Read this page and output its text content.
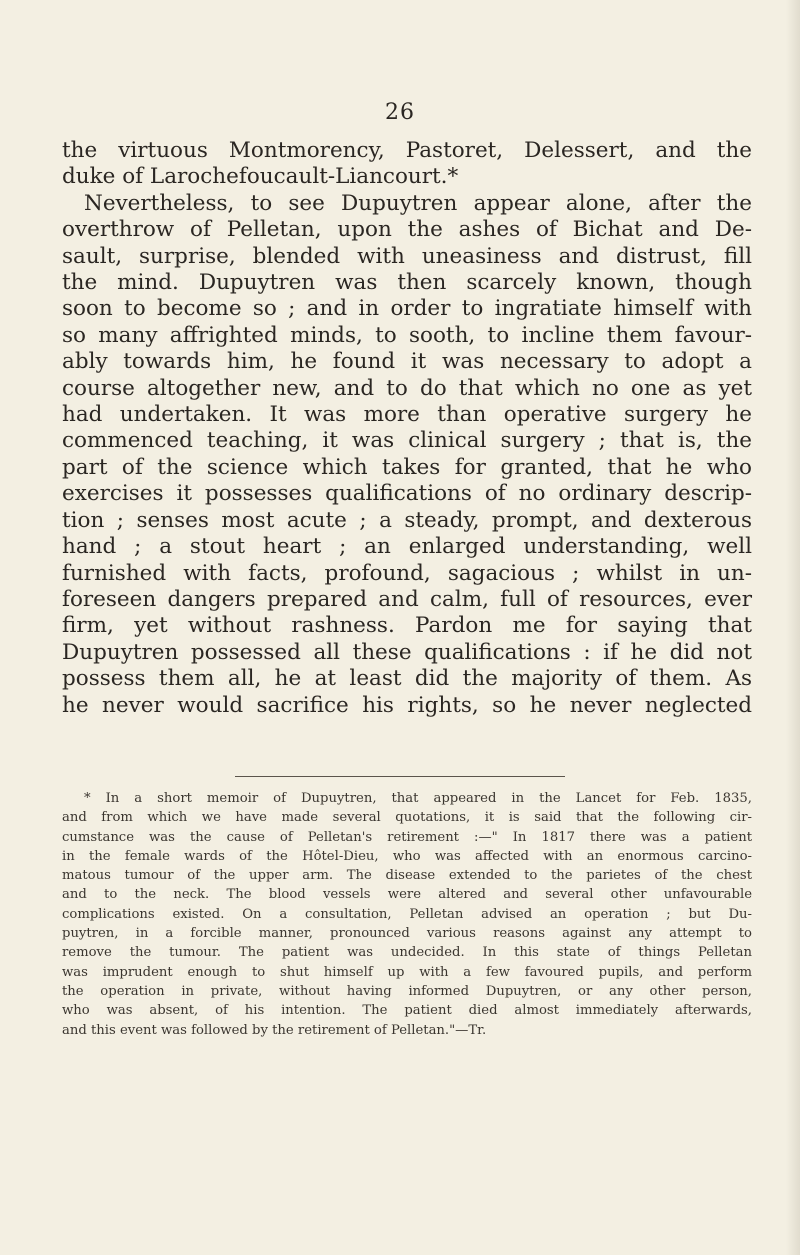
26
the virtuous Montmorency, Pastoret, Delessert, and the
duke of Larochefoucault-Liancourt.*
Nevertheless, to see Dupuytren appear alone, after the
overthrow of Pelletan, upon the ashes of Bichat and De-
sault, surprise, blended with uneasiness and distrust, fill
the mind. Dupuytren was then scarcely known, though
soon to become so ; and in order to ingratiate himself with
so many affrighted minds, to sooth, to incline them favour-
ably towards him, he found it was necessary to adopt a
course altogether new, and to do that which no one as yet
had undertaken. It was more than operative surgery he
commenced teaching, it was clinical surgery ; that is, the
part of the science which takes for granted, that he who
exercises it possesses qualifications of no ordinary descrip-
tion ; senses most acute ; a steady, prompt, and dexterous
hand ; a stout heart ; an enlarged understanding, well
furnished with facts, profound, sagacious ; whilst in un-
foreseen dangers prepared and calm, full of resources, ever
firm, yet without rashness. Pardon me for saying that
Dupuytren possessed all these qualifications : if he did not
possess them all, he at least did the majority of them. As
he never would sacrifice his rights, so he never neglected
* In a short memoir of Dupuytren, that appeared in the Lancet for Feb. 1835,
and from which we have made several quotations, it is said that the following cir-
cumstance was the cause of Pelletan's retirement :—" In 1817 there was a patient
in the female wards of the Hôtel-Dieu, who was affected with an enormous carcino-
matous tumour of the upper arm. The disease extended to the parietes of the chest
and to the neck. The blood vessels were altered and several other unfavourable
complications existed. On a consultation, Pelletan advised an operation ; but Du-
puytren, in a forcible manner, pronounced various reasons against any attempt to
remove the tumour. The patient was undecided. In this state of things Pelletan
was imprudent enough to shut himself up with a few favoured pupils, and perform
the operation in private, without having informed Dupuytren, or any other person,
who was absent, of his intention. The patient died almost immediately afterwards,
and this event was followed by the retirement of Pelletan."—Tr.
